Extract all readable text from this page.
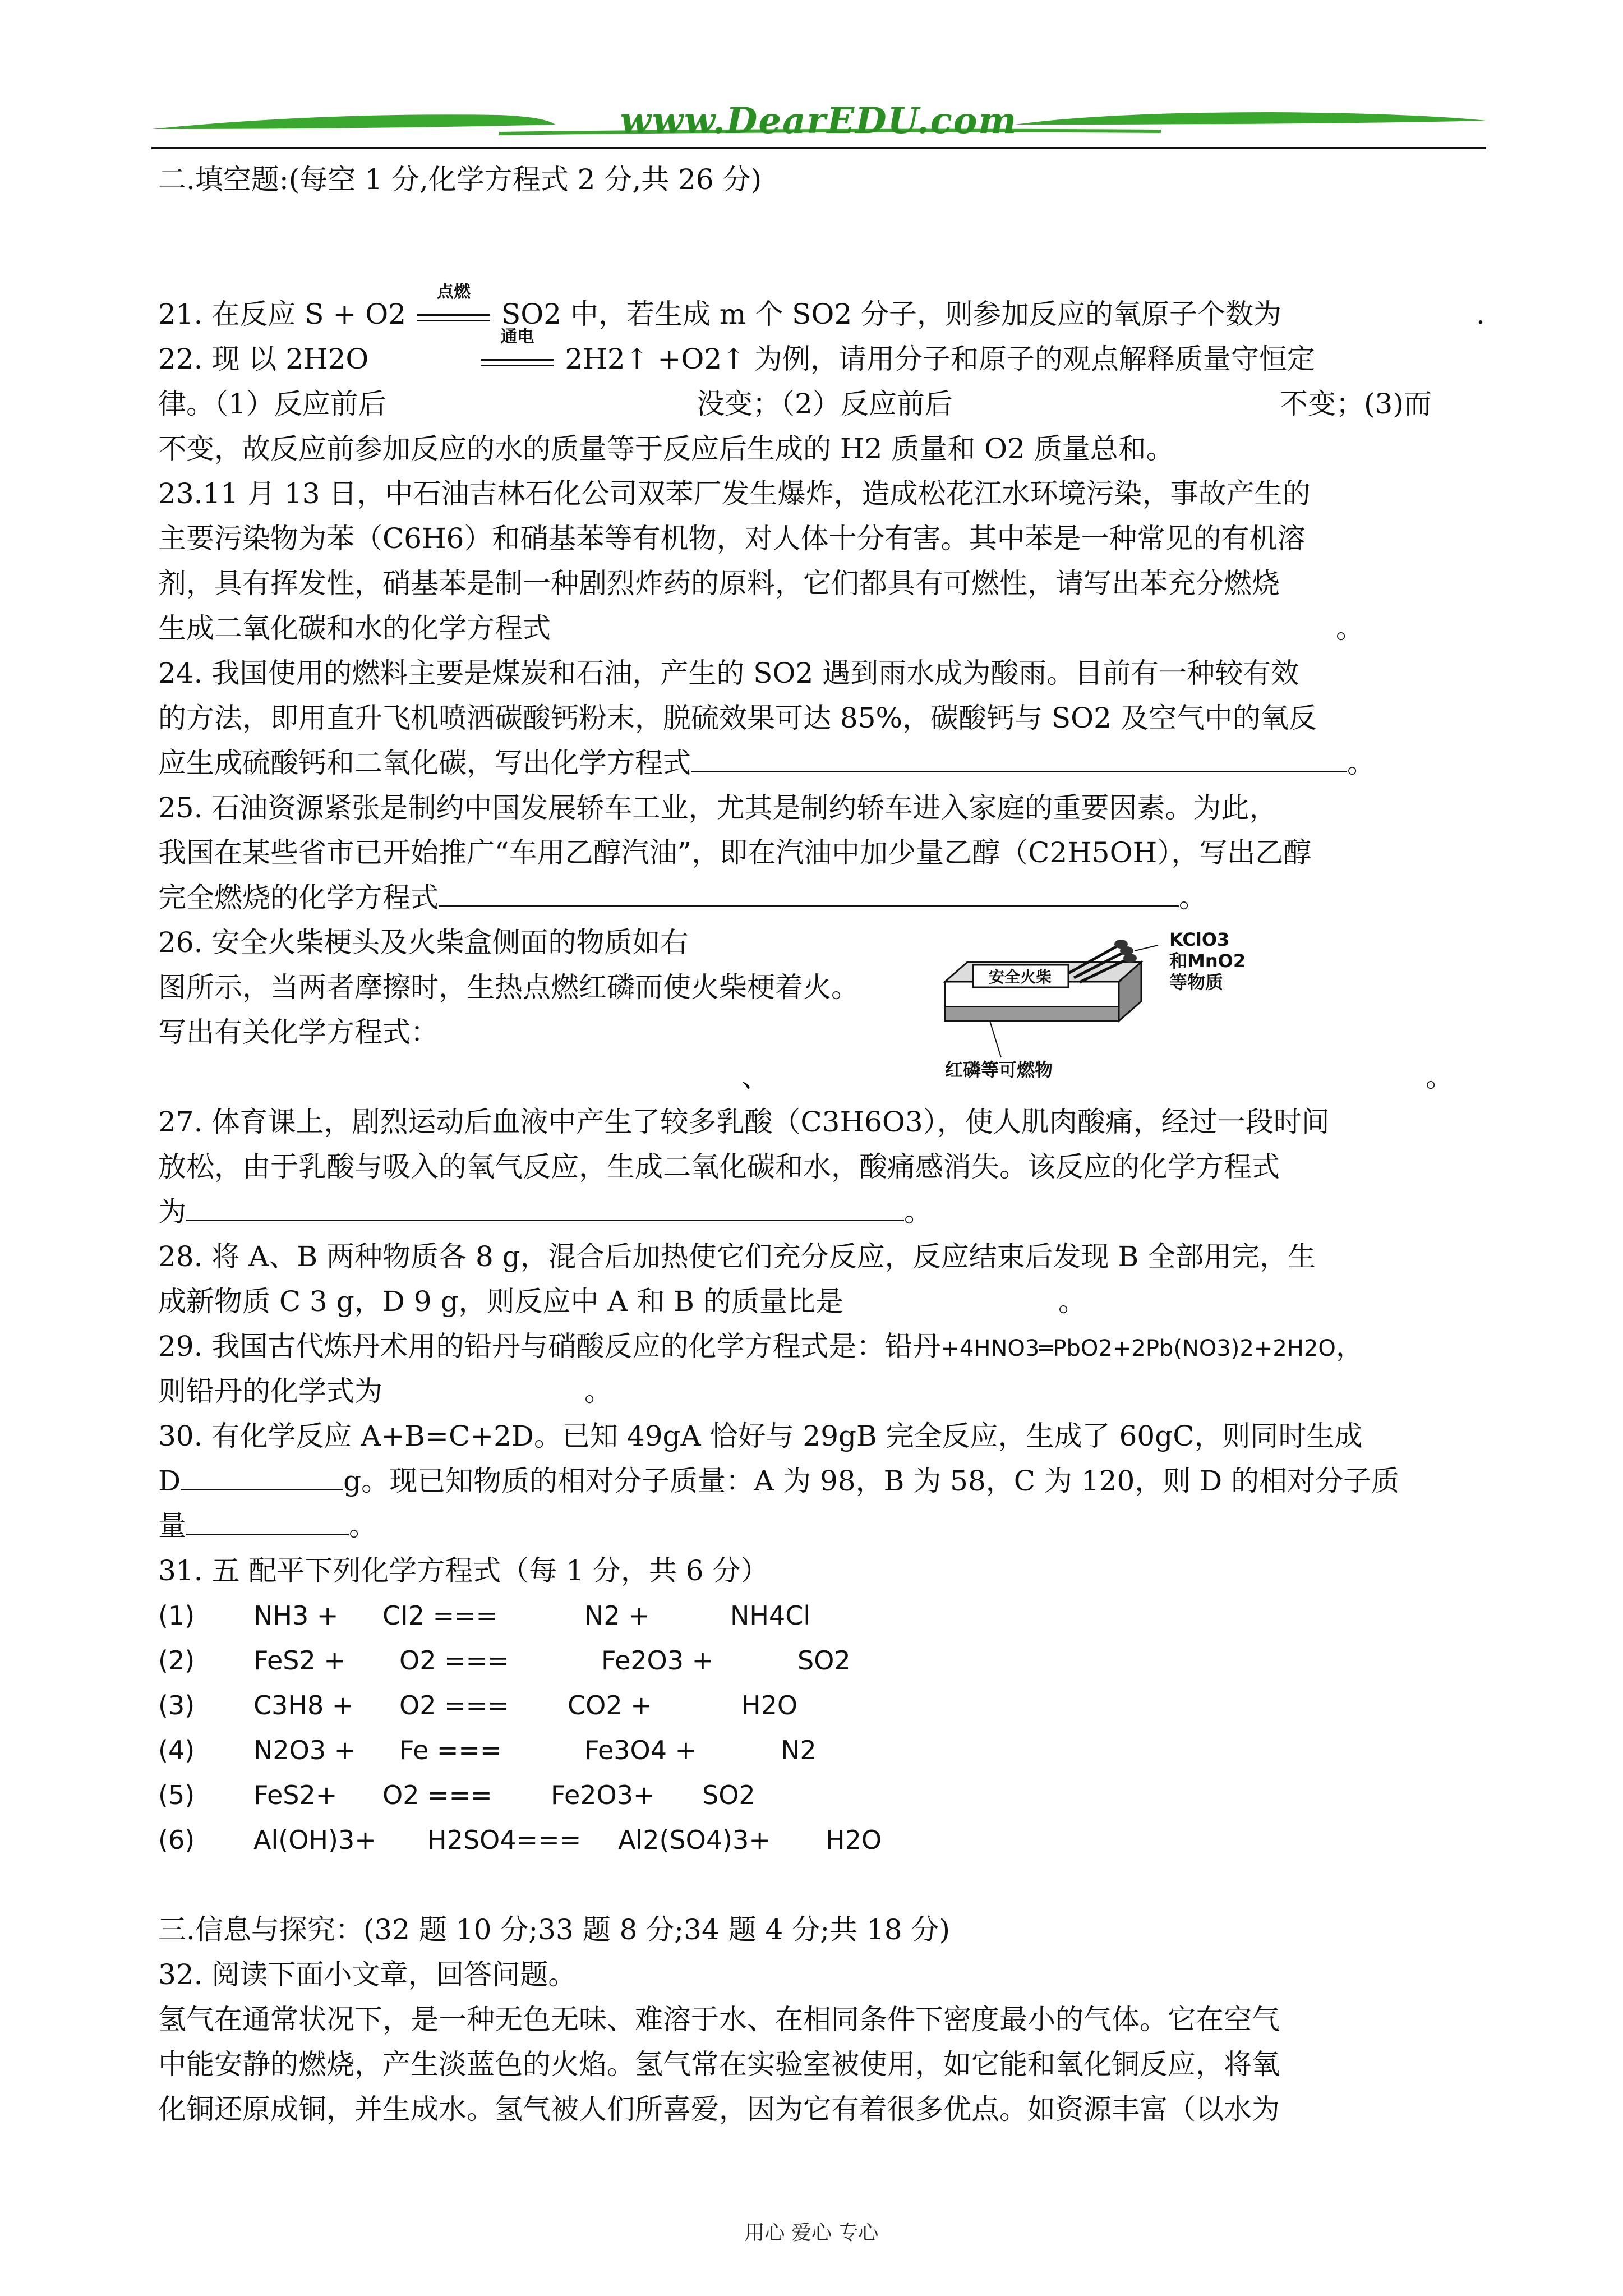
www.DearEDU.com
二.填空题:(每空 1 分,化学方程式 2 分,共 26 分)
21. 在反应 S + O2
点燃
SO2 中，若生成 m 个 SO2 分子，则参加反应的氧原子个数为	.
22. 现 以 2H2O
通电
2H2↑ +O2↑ 为例，请用分子和原子的观点解释质量守恒定
律。（1）反应前后	没变；（2）反应前后	不变；(3)而
不变，故反应前参加反应的水的质量等于反应后生成的 H2 质量和 O2 质量总和。
23.11 月 13 日，中石油吉林石化公司双苯厂发生爆炸，造成松花江水环境污染，事故产生的
主要污染物为苯（C6H6）和硝基苯等有机物，对人体十分有害。其中苯是一种常见的有机溶
剂，具有挥发性，硝基苯是制一种剧烈炸药的原料，它们都具有可燃性，请写出苯充分燃烧
生成二氧化碳和水的化学方程式	。
24. 我国使用的燃料主要是煤炭和石油，产生的 SO2 遇到雨水成为酸雨。目前有一种较有效
的方法，即用直升飞机喷洒碳酸钙粉末，脱硫效果可达 85%，碳酸钙与 SO2 及空气中的氧反
应生成硫酸钙和二氧化碳，写出化学方程式	。
25. 石油资源紧张是制约中国发展轿车工业，尤其是制约轿车进入家庭的重要因素。为此，
我国在某些省市已开始推广“车用乙醇汽油”，即在汽油中加少量乙醇（C2H5OH），写出乙醇
完全燃烧的化学方程式	。
26. 安全火柴梗头及火柴盒侧面的物质如右
图所示，当两者摩擦时，生热点燃红磷而使火柴梗着火。
写出有关化学方程式：
、	。
27. 体育课上，剧烈运动后血液中产生了较多乳酸（C3H6O3），使人肌肉酸痛，经过一段时间
放松，由于乳酸与吸入的氧气反应，生成二氧化碳和水，酸痛感消失。该反应的化学方程式
为	。
28. 将 A、B 两种物质各 8 g，混合后加热使它们充分反应，反应结束后发现 B 全部用完，生
成新物质 C 3 g，D 9 g，则反应中 A 和 B 的质量比是	。
29. 我国古代炼丹术用的铅丹与硝酸反应的化学方程式是：铅丹+4HNO3═PbO2+2Pb(NO3)2+2H2O，
则铅丹的化学式为	。
30. 有化学反应 A+B=C+2D。已知 49gA 恰好与 29gB 完全反应，生成了 60gC，则同时生成
D	g。现已知物质的相对分子质量：A 为 98，B 为 58，C 为 120，则 D 的相对分子质
量	。
31. 五 配平下列化学方程式（每 1 分，共 6 分）
(1) NH3 + CI2 ===	N2 +	NH4Cl
(2) FeS2 + O2 ===	Fe2O3 +	SO2
(3) C3H8 + O2 === CO2 +	H2O
(4) N2O3 + Fe ===	Fe3O4 +	N2
(5) FeS2+ O2 === Fe2O3+ SO2
(6) Al(OH)3+ H2SO4=== Al2(SO4)3+ H2O
三.信息与探究：(32 题 10 分;33 题 8 分;34 题 4 分;共 18 分)
32. 阅读下面小文章，回答问题。
氢气在通常状况下，是一种无色无味、难溶于水、在相同条件下密度最小的气体。它在空气
中能安静的燃烧，产生淡蓝色的火焰。氢气常在实验室被使用，如它能和氧化铜反应，将氧
化铜还原成铜，并生成水。氢气被人们所喜爱，因为它有着很多优点。如资源丰富（以水为
安全火柴
KClO3
和MnO2
等物质
红磷等可燃物
用心 爱心 专心
